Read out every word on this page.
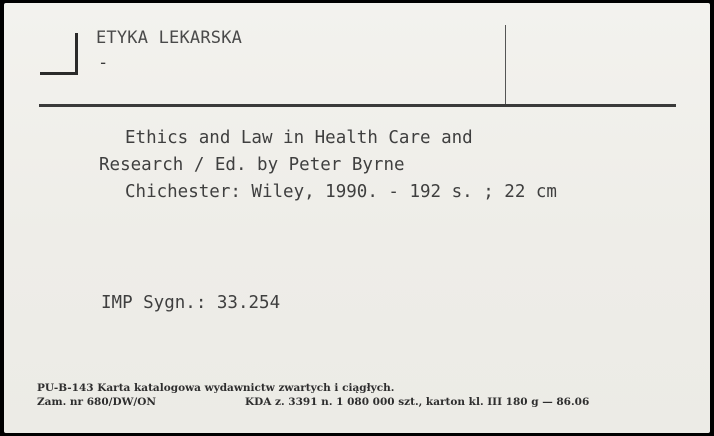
ETYKA LEKARSKA
-
Ethics and Law in Health Care and
Research / Ed. by Peter Byrne
Chichester: Wiley, 1990. - 192 s. ; 22 cm
IMP Sygn.: 33.254
PU-B-143 Karta katalogowa wydawnictw zwartych i ciągłych.
Zam. nr 680/DW/ON	KDA z. 3391 n. 1 080 000 szt., karton kl. III 180 g — 86.06
